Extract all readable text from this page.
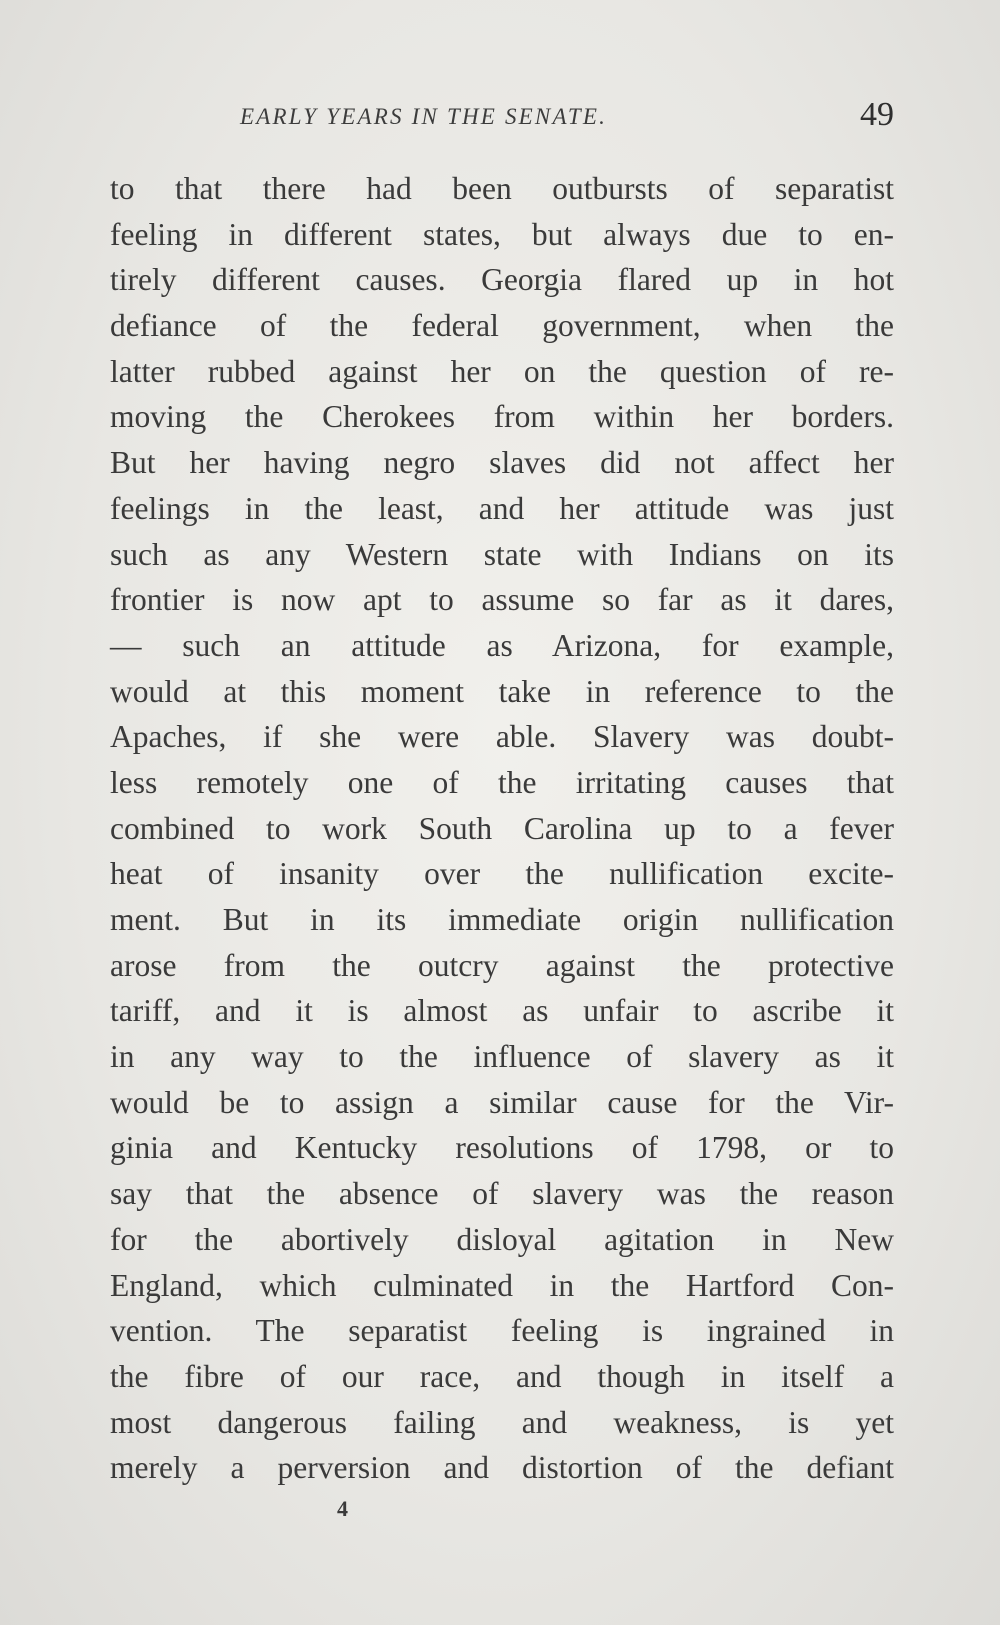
EARLY YEARS IN THE SENATE.	49
to that there had been outbursts of separatist
feeling in different states, but always due to en-
tirely different causes. Georgia flared up in hot
defiance of the federal government, when the
latter rubbed against her on the question of re-
moving the Cherokees from within her borders.
But her having negro slaves did not affect her
feelings in the least, and her attitude was just
such as any Western state with Indians on its
frontier is now apt to assume so far as it dares,
— such an attitude as Arizona, for example,
would at this moment take in reference to the
Apaches, if she were able. Slavery was doubt-
less remotely one of the irritating causes that
combined to work South Carolina up to a fever
heat of insanity over the nullification excite-
ment. But in its immediate origin nullification
arose from the outcry against the protective
tariff, and it is almost as unfair to ascribe it
in any way to the influence of slavery as it
would be to assign a similar cause for the Vir-
ginia and Kentucky resolutions of 1798, or to
say that the absence of slavery was the reason
for the abortively disloyal agitation in New
England, which culminated in the Hartford Con-
vention. The separatist feeling is ingrained in
the fibre of our race, and though in itself a
most dangerous failing and weakness, is yet
merely a perversion and distortion of the defiant
4
